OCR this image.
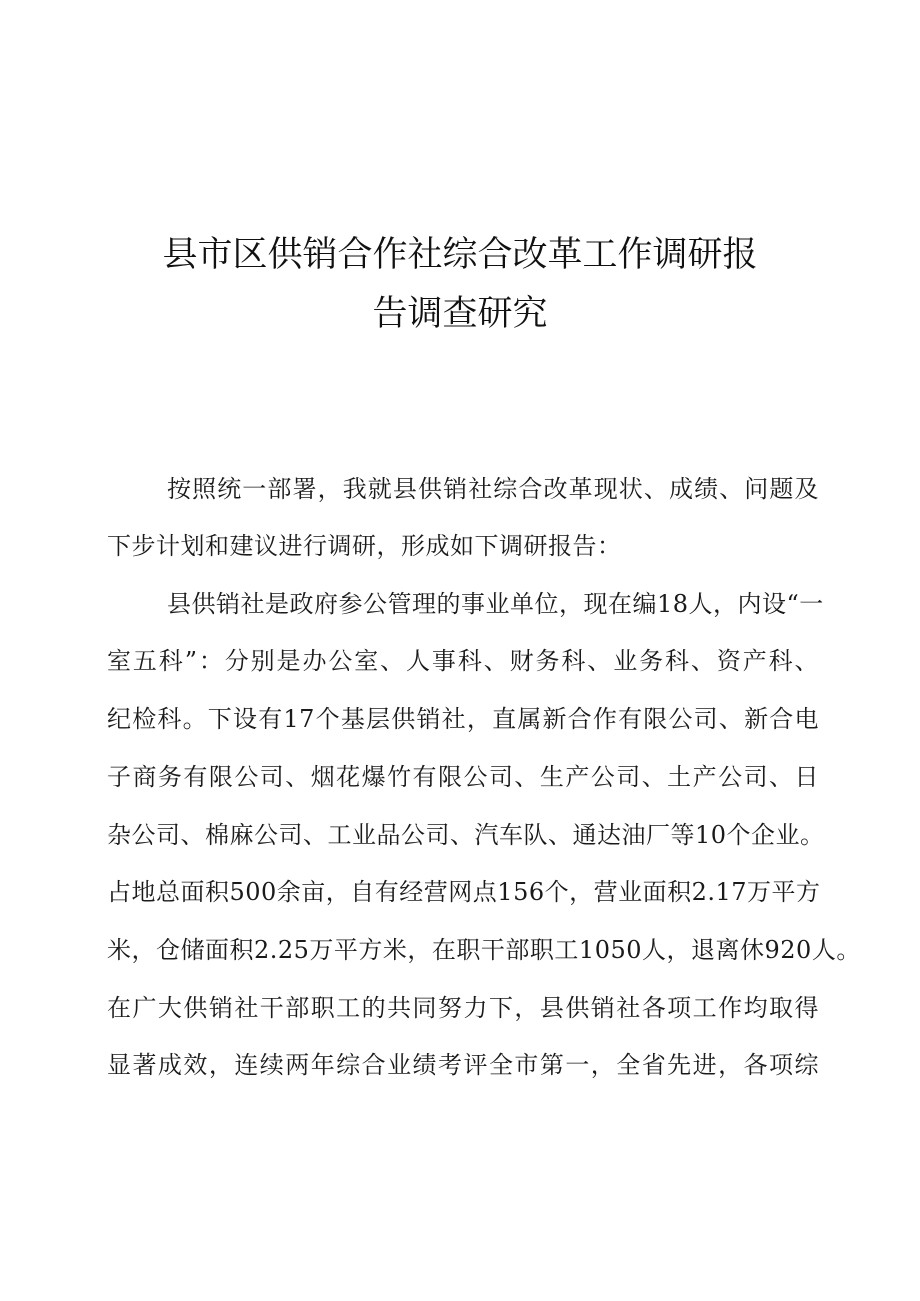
县市区供销合作社综合改革工作调研报
告调查研究
按照统一部署，我就县供销社综合改革现状、成绩、问题及
下步计划和建议进行调研，形成如下调研报告：
县供销社是政府参公管理的事业单位，现在编18人，内设“一
室五科”：分别是办公室、人事科、财务科、业务科、资产科、
纪检科。下设有17个基层供销社，直属新合作有限公司、新合电
子商务有限公司、烟花爆竹有限公司、生产公司、土产公司、日
杂公司、棉麻公司、工业品公司、汽车队、通达油厂等10个企业。
占地总面积500余亩，自有经营网点156个，营业面积2.17万平方
米，仓储面积2.25万平方米，在职干部职工1050人，退离休920人。
在广大供销社干部职工的共同努力下，县供销社各项工作均取得
显著成效，连续两年综合业绩考评全市第一，全省先进，各项综
